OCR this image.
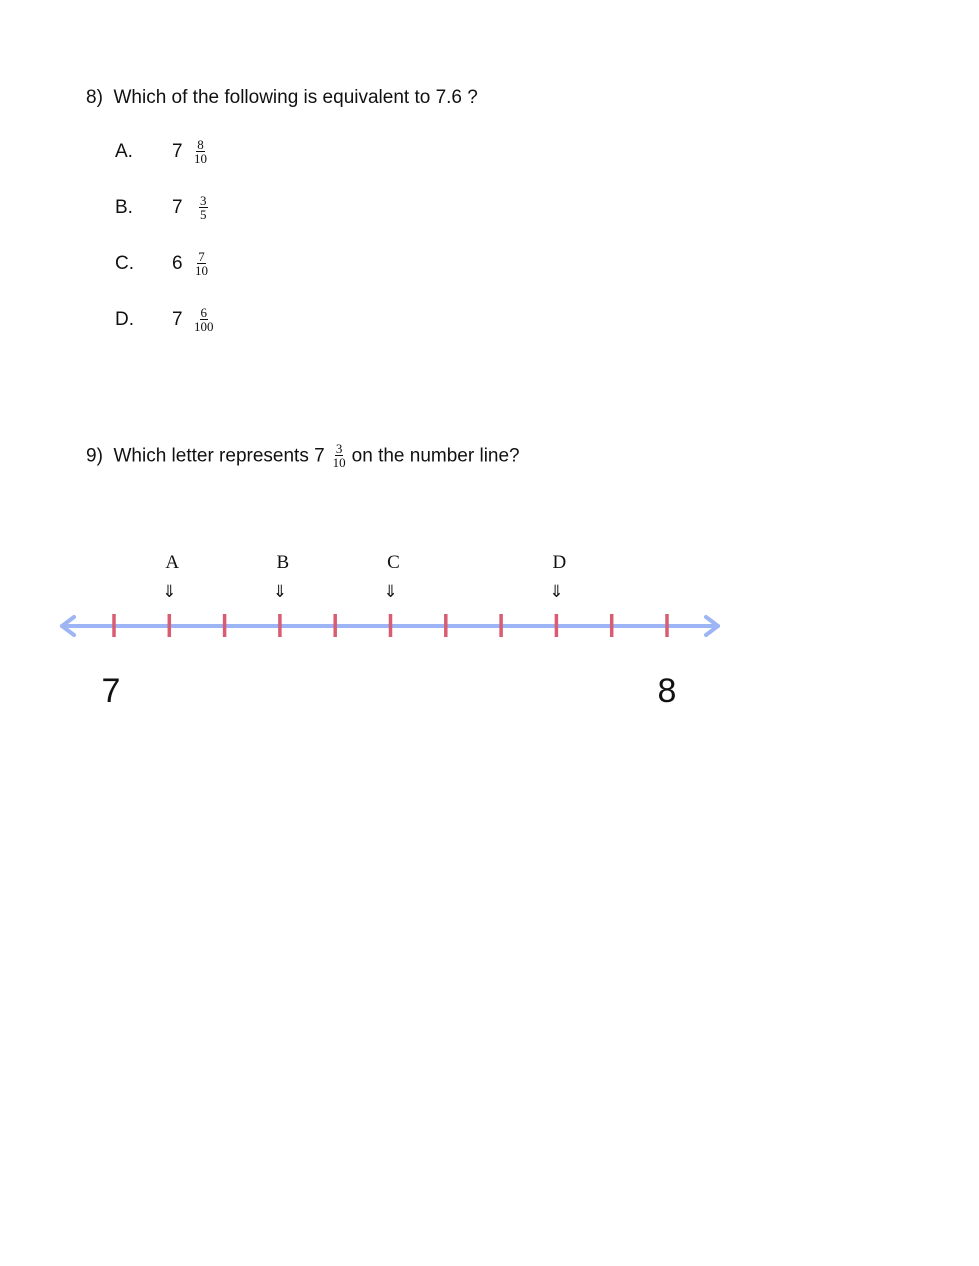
8) Which of the following is equivalent to 7.6 ?
A. $7 \frac{8}{10}$
B. $7 \frac{3}{5}$
C. $6 \frac{7}{10}$
D. $7 \frac{6}{100}$
9) Which letter represents $7 \frac{3}{10}$ on the number line?
A
⇓
B
⇓
C
⇓
D
⇓
7	8
